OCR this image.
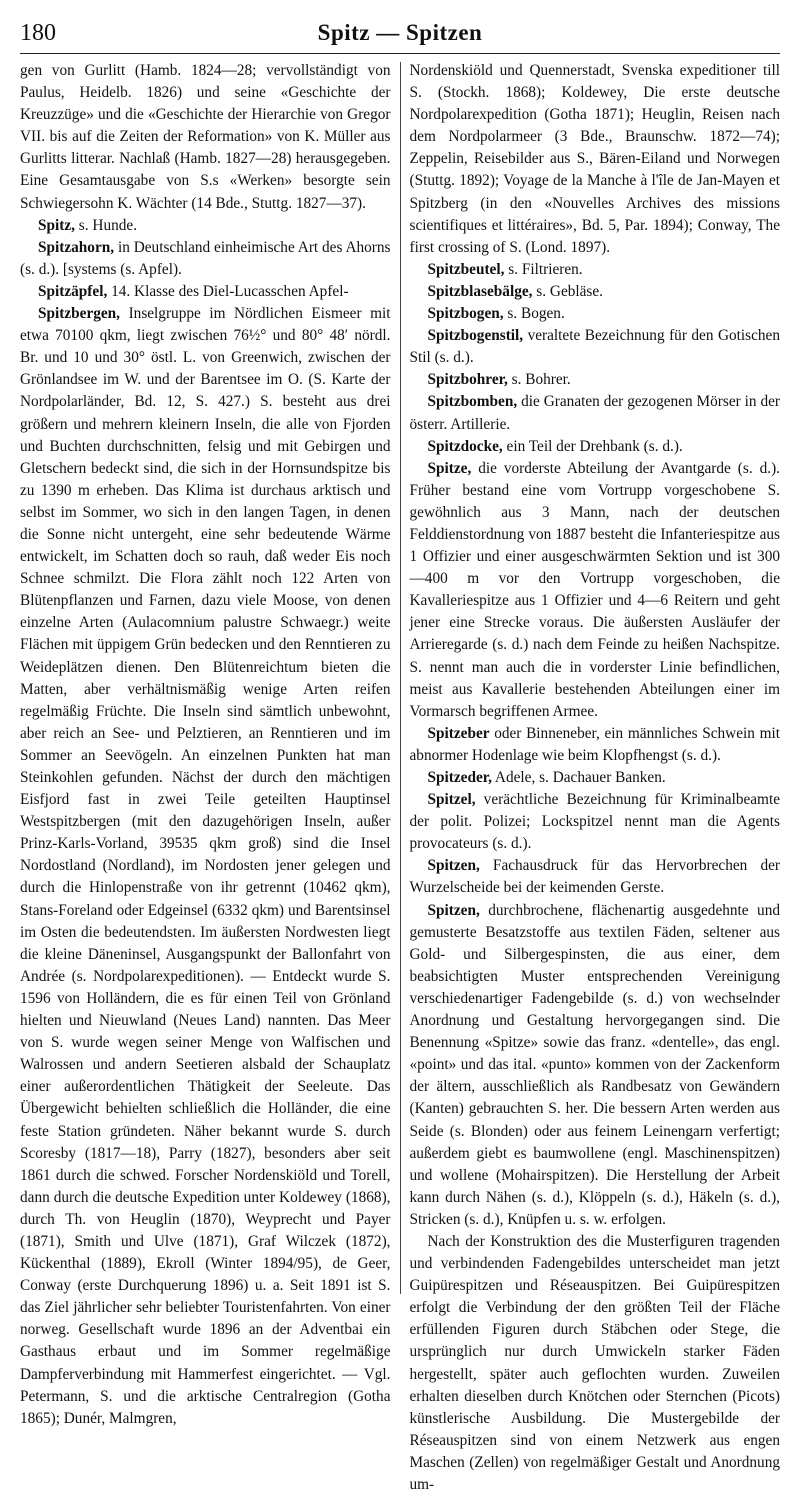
180	Spitz — Spitzen

gen von Gurlitt (Hamb. 1824—28; vervollständigt von Paulus, Heidelb. 1826) und seine «Geschichte der Kreuzzüge» und die «Geschichte der Hierarchie von Gregor VII. bis auf die Zeiten der Reformation» von K. Müller aus Gurlitts litterar. Nachlaß (Hamb. 1827—28) herausgegeben. Eine Gesamtausgabe von S.s «Werken» besorgte sein Schwiegersohn K. Wächter (14 Bde., Stuttg. 1827—37).

Spitz, s. Hunde.

Spitzahorn, in Deutschland einheimische Art des Ahorns (s. d.). [systems (s. Apfel).

Spitzäpfel, 14. Klasse des Diel-Lucasschen Apfel-

Spitzbergen, Inselgruppe im Nördlichen Eismeer mit etwa 70100 qkm, liegt zwischen 76½° und 80° 48′ nördl. Br. und 10 und 30° östl. L. von Greenwich, zwischen der Grönlandsee im W. und der Barentsee im O. (S. Karte der Nordpolarländer, Bd. 12, S. 427.) S. besteht aus drei größern und mehrern kleinern Inseln, die alle von Fjorden und Buchten durchschnitten, felsig und mit Gebirgen und Gletschern bedeckt sind, die sich in der Hornsundspitze bis zu 1390 m erheben. Das Klima ist durchaus arktisch und selbst im Sommer, wo sich in den langen Tagen, in denen die Sonne nicht untergeht, eine sehr bedeutende Wärme entwickelt, im Schatten doch so rauh, daß weder Eis noch Schnee schmilzt. Die Flora zählt noch 122 Arten von Blütenpflanzen und Farnen, dazu viele Moose, von denen einzelne Arten (Aulacomnium palustre Schwaegr.) weite Flächen mit üppigem Grün bedecken und den Renntieren zu Weideplätzen dienen. Den Blütenreichtum bieten die Matten, aber verhältnismäßig wenige Arten reifen regelmäßig Früchte. Die Inseln sind sämtlich unbewohnt, aber reich an See- und Pelztieren, an Renntieren und im Sommer an Seevögeln. An einzelnen Punkten hat man Steinkohlen gefunden. Nächst der durch den mächtigen Eisfjord fast in zwei Teile geteilten Hauptinsel Westspitzbergen (mit den dazugehörigen Inseln, außer Prinz-Karls-Vorland, 39535 qkm groß) sind die Insel Nordostland (Nordland), im Nordosten jener gelegen und durch die Hinlopenstraße von ihr getrennt (10462 qkm), Stans-Foreland oder Edgeinsel (6332 qkm) und Barentsinsel im Osten die bedeutendsten. Im äußersten Nordwesten liegt die kleine Däneninsel, Ausgangspunkt der Ballonfahrt von Andrée (s. Nordpolarexpeditionen). — Entdeckt wurde S. 1596 von Holländern, die es für einen Teil von Grönland hielten und Nieuwland (Neues Land) nannten. Das Meer von S. wurde wegen seiner Menge von Walfischen und Walrossen und andern Seetieren alsbald der Schauplatz einer außerordentlichen Thätigkeit der Seeleute. Das Übergewicht behielten schließlich die Holländer, die eine feste Station gründeten. Näher bekannt wurde S. durch Scoresby (1817—18), Parry (1827), besonders aber seit 1861 durch die schwed. Forscher Nordenskiöld und Torell, dann durch die deutsche Expedition unter Koldewey (1868), durch Th. von Heuglin (1870), Weyprecht und Payer (1871), Smith und Ulve (1871), Graf Wilczek (1872), Kückenthal (1889), Ekroll (Winter 1894/95), de Geer, Conway (erste Durchquerung 1896) u. a. Seit 1891 ist S. das Ziel jährlicher sehr beliebter Touristenfahrten. Von einer norweg. Gesellschaft wurde 1896 an der Adventbai ein Gasthaus erbaut und im Sommer regelmäßige Dampferverbindung mit Hammerfest eingerichtet. — Vgl. Petermann, S. und die arktische Centralregion (Gotha 1865); Dunér, Malmgren,

Nordenskiöld und Quennerstadt, Svenska expeditioner till S. (Stockh. 1868); Koldewey, Die erste deutsche Nordpolarexpedition (Gotha 1871); Heuglin, Reisen nach dem Nordpolarmeer (3 Bde., Braunschw. 1872—74); Zeppelin, Reisebilder aus S., Bären-Eiland und Norwegen (Stuttg. 1892); Voyage de la Manche à l'île de Jan-Mayen et Spitzberg (in den «Nouvelles Archives des missions scientifiques et littéraires», Bd. 5, Par. 1894); Conway, The first crossing of S. (Lond. 1897).

Spitzbeutel, s. Filtrieren.

Spitzblasebälge, s. Gebläse.

Spitzbogen, s. Bogen.

Spitzbogenstil, veraltete Bezeichnung für den Gotischen Stil (s. d.).

Spitzbohrer, s. Bohrer.

Spitzbomben, die Granaten der gezogenen Mörser in der österr. Artillerie.

Spitzdocke, ein Teil der Drehbank (s. d.).

Spitze, die vorderste Abteilung der Avantgarde (s. d.). Früher bestand eine vom Vortrupp vorgeschobene S. gewöhnlich aus 3 Mann, nach der deutschen Felddienstordnung von 1887 besteht die Infanteriespitze aus 1 Offizier und einer ausgeschwärmten Sektion und ist 300—400 m vor den Vortrupp vorgeschoben, die Kavalleriespitze aus 1 Offizier und 4—6 Reitern und geht jener eine Strecke voraus. Die äußersten Ausläufer der Arrieregarde (s. d.) nach dem Feinde zu heißen Nachspitze. S. nennt man auch die in vorderster Linie befindlichen, meist aus Kavallerie bestehenden Abteilungen einer im Vormarsch begriffenen Armee.

Spitzeber oder Binneneber, ein männliches Schwein mit abnormer Hodenlage wie beim Klopfhengst (s. d.).

Spitzeder, Adele, s. Dachauer Banken.

Spitzel, verächtliche Bezeichnung für Kriminalbeamte der polit. Polizei; Lockspitzel nennt man die Agents provocateurs (s. d.).

Spitzen, Fachausdruck für das Hervorbrechen der Wurzelscheide bei der keimenden Gerste.

Spitzen, durchbrochene, flächenartig ausgedehnte und gemusterte Besatzstoffe aus textilen Fäden, seltener aus Gold- und Silbergespinsten, die aus einer, dem beabsichtigten Muster entsprechenden Vereinigung verschiedenartiger Fadengebilde (s. d.) von wechselnder Anordnung und Gestaltung hervorgegangen sind. Die Benennung «Spitze» sowie das franz. «dentelle», das engl. «point» und das ital. «punto» kommen von der Zackenform der ältern, ausschließlich als Randbesatz von Gewändern (Kanten) gebrauchten S. her. Die bessern Arten werden aus Seide (s. Blonden) oder aus feinem Leinengarn verfertigt; außerdem giebt es baumwollene (engl. Maschinenspitzen) und wollene (Mohairspitzen). Die Herstellung der Arbeit kann durch Nähen (s. d.), Klöppeln (s. d.), Häkeln (s. d.), Stricken (s. d.), Knüpfen u. s. w. erfolgen.

Nach der Konstruktion des die Musterfiguren tragenden und verbindenden Fadengebildes unterscheidet man jetzt Guipürespitzen und Réseauspitzen. Bei Guipürespitzen erfolgt die Verbindung der den größten Teil der Fläche erfüllenden Figuren durch Stäbchen oder Stege, die ursprünglich nur durch Umwickeln starker Fäden hergestellt, später auch geflochten wurden. Zuweilen erhalten dieselben durch Knötchen oder Sternchen (Picots) künstlerische Ausbildung. Die Mustergebilde der Réseauspitzen sind von einem Netzwerk aus engen Maschen (Zellen) von regelmäßiger Gestalt und Anordnung um-
